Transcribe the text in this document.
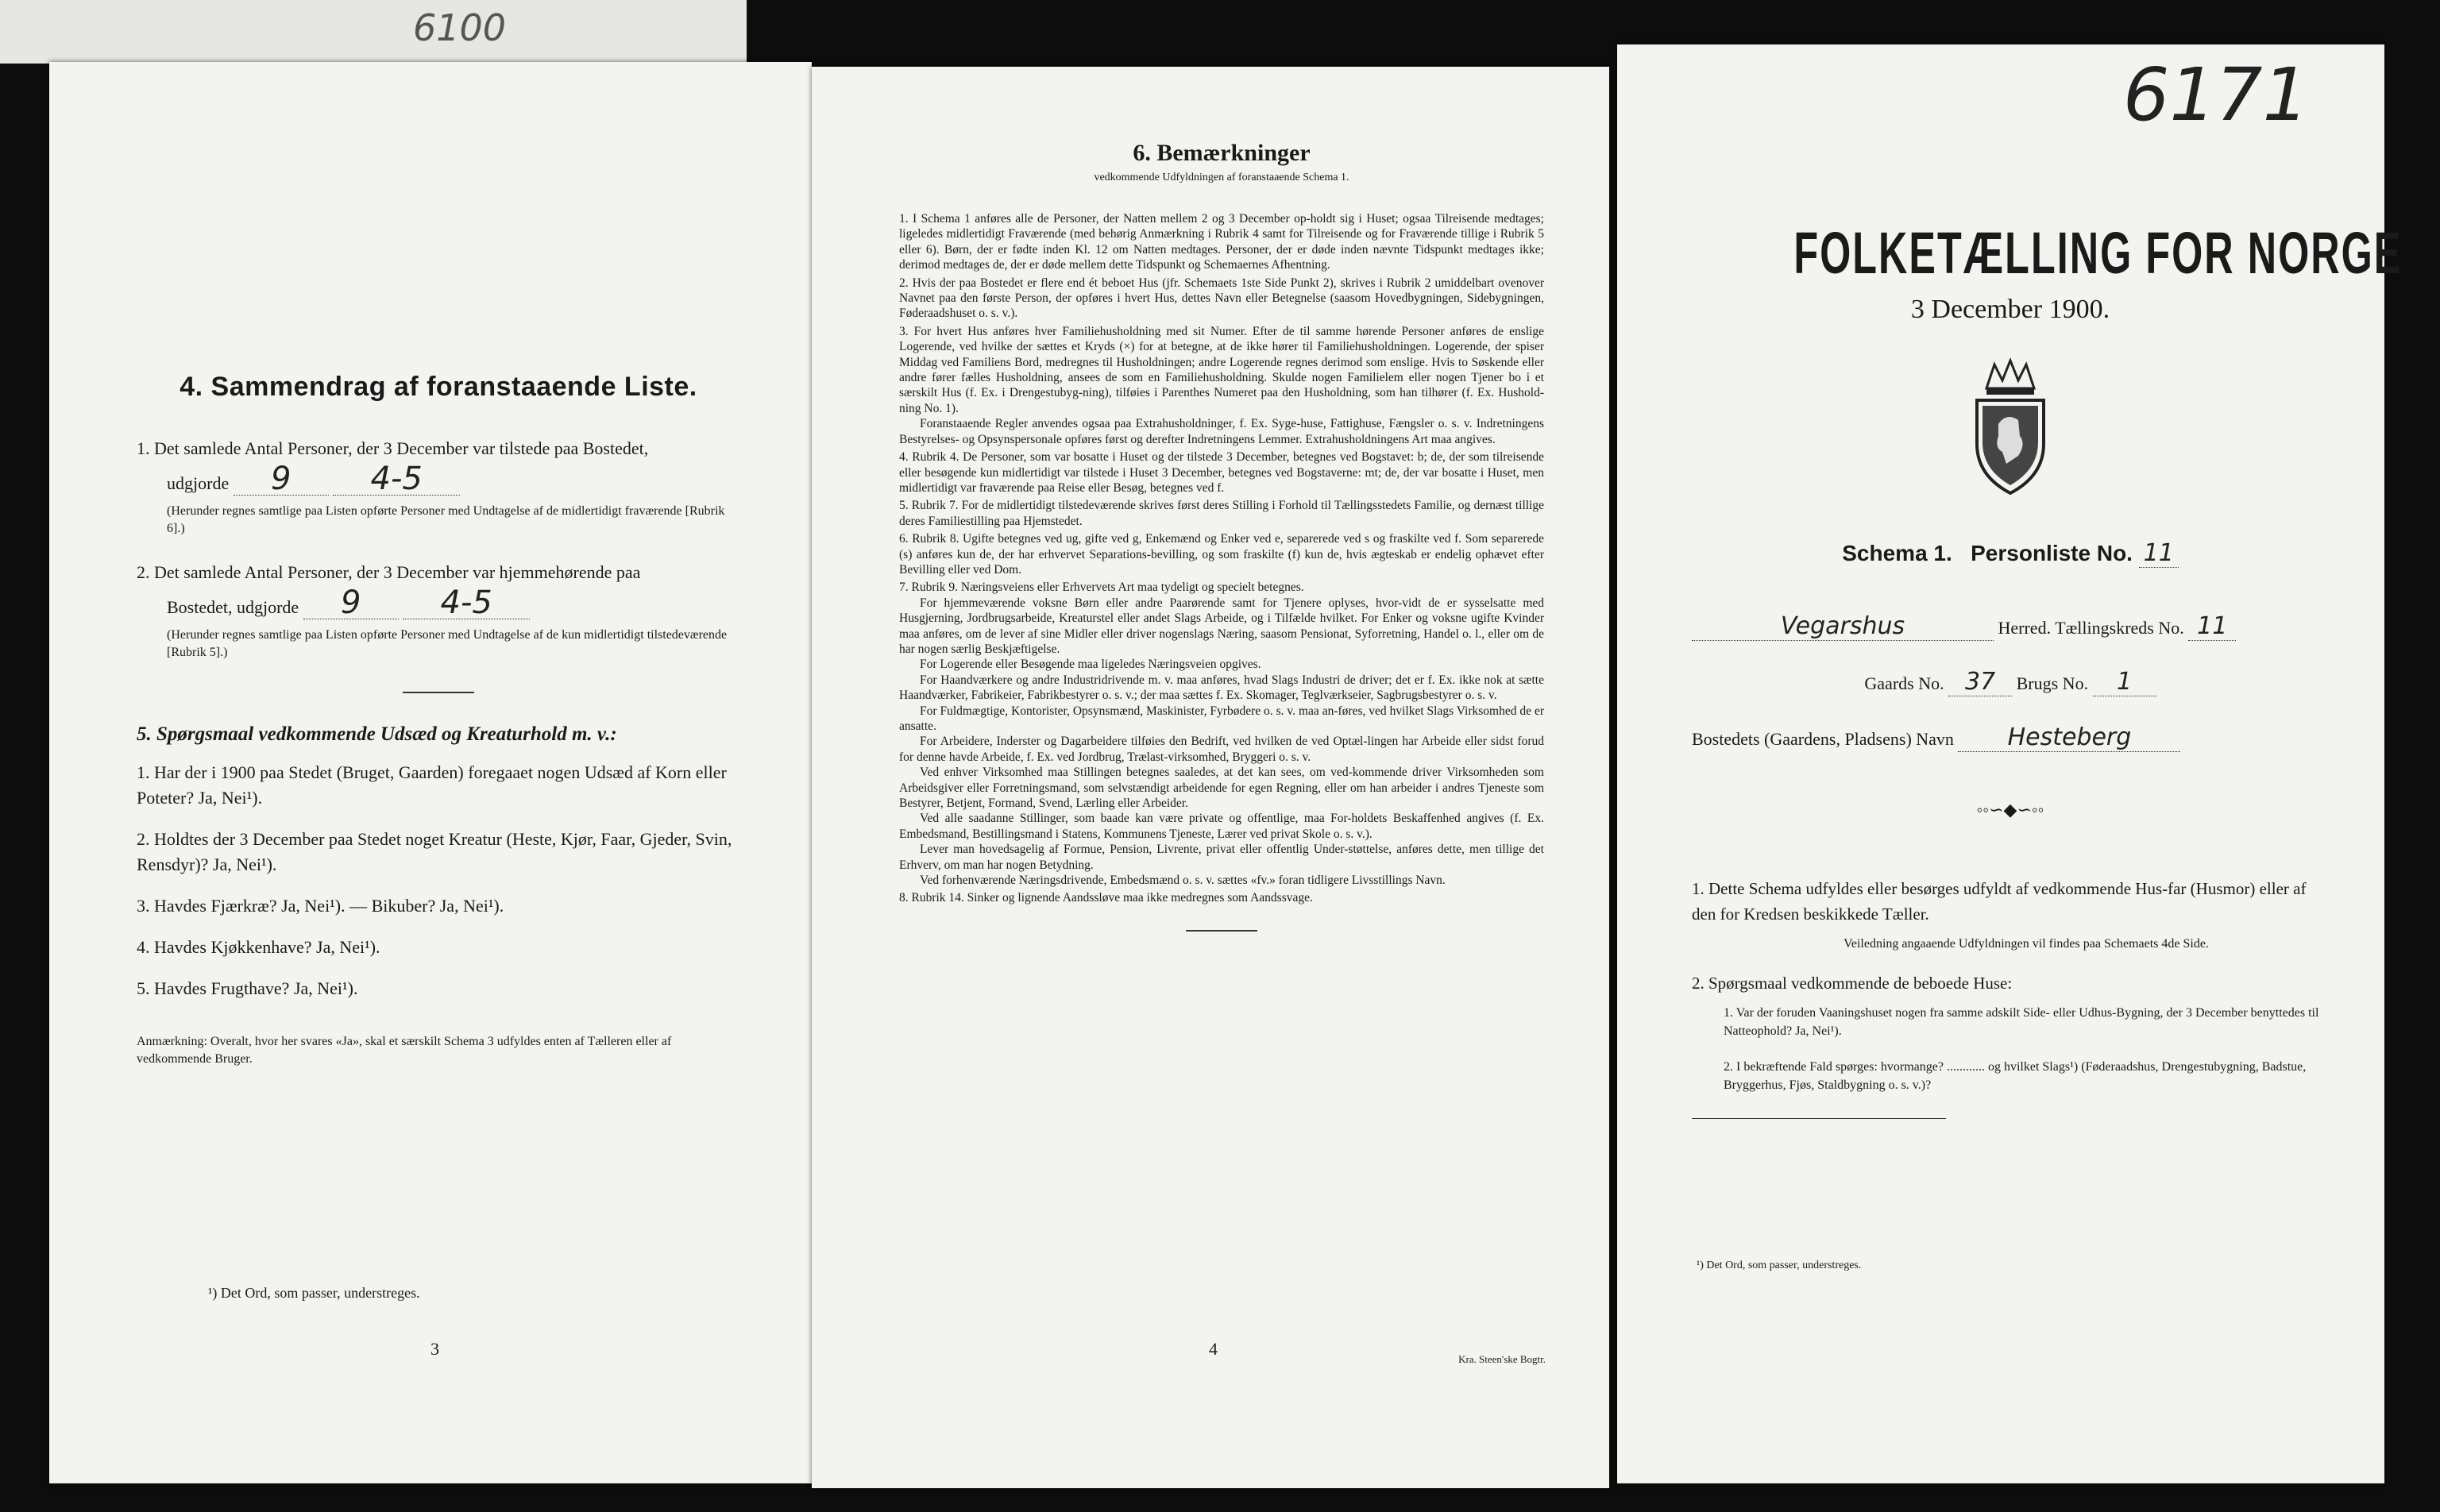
6100
4. Sammendrag af foranstaaende Liste.
1. Det samlede Antal Personer, der 3 December var tilstede paa Bostedet,
udgjorde 9	4-5
(Herunder regnes samtlige paa Listen opførte Personer med Undtagelse af de midlertidigt fraværende [Rubrik 6].)
2. Det samlede Antal Personer, der 3 December var hjemmehørende paa
Bostedet, udgjorde 9	4-5
(Herunder regnes samtlige paa Listen opførte Personer med Undtagelse af de kun midlertidigt tilstedeværende [Rubrik 5].)
5. Spørgsmaal vedkommende Udsæd og Kreaturhold m. v.:
1. Har der i 1900 paa Stedet (Bruget, Gaarden) foregaaet nogen Udsæd af Korn eller Poteter? Ja, Nei¹).
2. Holdtes der 3 December paa Stedet noget Kreatur (Heste, Kjør, Faar, Gjeder, Svin, Rensdyr)? Ja, Nei¹).
3. Havdes Fjærkræ? Ja, Nei¹). — Bikuber? Ja, Nei¹).
4. Havdes Kjøkkenhave? Ja, Nei¹).
5. Havdes Frugthave? Ja, Nei¹).
Anmærkning: Overalt, hvor her svares «Ja», skal et særskilt Schema 3 udfyldes enten af Tælleren eller af vedkommende Bruger.
¹) Det Ord, som passer, understreges.
3
6. Bemærkninger
vedkommende Udfyldningen af foranstaaende Schema 1.

1. I Schema 1 anføres alle de Personer, der Natten mellem 2 og 3 December op-holdt sig i Huset; ogsaa Tilreisende medtages; ligeledes midlertidigt Fraværende (med behørig Anmærkning i Rubrik 4 samt for Tilreisende og for Fraværende tillige i Rubrik 5 eller 6). Børn, der er fødte inden Kl. 12 om Natten medtages. Personer, der er døde inden nævnte Tidspunkt medtages ikke; derimod medtages de, der er døde mellem dette Tidspunkt og Schemaernes Afhentning.

2. Hvis der paa Bostedet er flere end ét beboet Hus (jfr. Schemaets 1ste Side Punkt 2), skrives i Rubrik 2 umiddelbart ovenover Navnet paa den første Person, der opføres i hvert Hus, dettes Navn eller Betegnelse (saasom Hovedbygningen, Sidebygningen, Føderaadshuset o. s. v.).

3. For hvert Hus anføres hver Familiehusholdning med sit Numer. Efter de til samme hørende Personer anføres de enslige Logerende, ved hvilke der sættes et Kryds (×) for at betegne, at de ikke hører til Familiehusholdningen. Logerende, der spiser Middag ved Familiens Bord, medregnes til Husholdningen; andre Logerende regnes derimod som enslige. Hvis to Søskende eller andre fører fælles Husholdning, ansees de som en Familiehusholdning. Skulde nogen Familielem eller nogen Tjener bo i et særskilt Hus (f. Ex. i Drengestubyg-ning), tilføies i Parenthes Numeret paa den Husholdning, som han tilhører (f. Ex. Hushold-ning No. 1).

Foranstaaende Regler anvendes ogsaa paa Extrahusholdninger, f. Ex. Syge-huse, Fattighuse, Fængsler o. s. v. Indretningens Bestyrelses- og Opsynspersonale opføres først og derefter Indretningens Lemmer. Extrahusholdningens Art maa angives.

4. Rubrik 4. De Personer, som var bosatte i Huset og der tilstede 3 December, betegnes ved Bogstavet: b; de, der som tilreisende eller besøgende kun midlertidigt var tilstede i Huset 3 December, betegnes ved Bogstaverne: mt; de, der var bosatte i Huset, men midlertidigt var fraværende paa Reise eller Besøg, betegnes ved f.

5. Rubrik 7. For de midlertidigt tilstedeværende skrives først deres Stilling i Forhold til Tællingsstedets Familie, og dernæst tillige deres Familiestilling paa Hjemstedet.

6. Rubrik 8. Ugifte betegnes ved ug, gifte ved g, Enkemænd og Enker ved e, separerede ved s og fraskilte ved f. Som separerede (s) anføres kun de, der har erhvervet Separations-bevilling, og som fraskilte (f) kun de, hvis ægteskab er endelig ophævet efter Bevilling eller ved Dom.

7. Rubrik 9. Næringsveiens eller Erhvervets Art maa tydeligt og specielt betegnes.

For hjemmeværende voksne Børn eller andre Paarørende samt for Tjenere oplyses, hvor-vidt de er sysselsatte med Husgjerning, Jordbrugsarbeide, Kreaturstel eller andet Slags Arbeide, og i Tilfælde hvilket. For Enker og voksne ugifte Kvinder maa anføres, om de lever af sine Midler eller driver nogenslags Næring, saasom Pensionat, Syforretning, Handel o. l., eller om de har nogen særlig Beskjæftigelse.

For Logerende eller Besøgende maa ligeledes Næringsveien opgives.

For Haandværkere og andre Industridrivende m. v. maa anføres, hvad Slags Industri de driver; det er f. Ex. ikke nok at sætte Haandværker, Fabrikeier, Fabrikbestyrer o. s. v.; der maa sættes f. Ex. Skomager, Teglværkseier, Sagbrugsbestyrer o. s. v.

For Fuldmægtige, Kontorister, Opsynsmænd, Maskinister, Fyrbødere o. s. v. maa an-føres, ved hvilket Slags Virksomhed de er ansatte.

For Arbeidere, Inderster og Dagarbeidere tilføies den Bedrift, ved hvilken de ved Optæl-lingen har Arbeide eller sidst forud for denne havde Arbeide, f. Ex. ved Jordbrug, Trælast-virksomhed, Bryggeri o. s. v.

Ved enhver Virksomhed maa Stillingen betegnes saaledes, at det kan sees, om ved-kommende driver Virksomheden som Arbeidsgiver eller Forretningsmand, som selvstændigt arbeidende for egen Regning, eller om han arbeider i andres Tjeneste som Bestyrer, Betjent, Formand, Svend, Lærling eller Arbeider.

Ved alle saadanne Stillinger, som baade kan være private og offentlige, maa For-holdets Beskaffenhed angives (f. Ex. Embedsmand, Bestillingsmand i Statens, Kommunens Tjeneste, Lærer ved privat Skole o. s. v.).

Lever man hovedsagelig af Formue, Pension, Livrente, privat eller offentlig Under-støttelse, anføres dette, men tillige det Erhverv, om man har nogen Betydning.

Ved forhenværende Næringsdrivende, Embedsmænd o. s. v. sættes «fv.» foran tidligere Livsstillings Navn.

8. Rubrik 14. Sinker og lignende Aandssløve maa ikke medregnes som Aandssvage.

4
Kra. Steen'ske Bogtr.
6171
FOLKETÆLLING FOR NORGE
3 December 1900.
Schema 1. Personliste No. 11
Vegarshus	Herred. Tællingskreds No. 11
Gaards No. 37 Brugs No. 1
Bostedets (Gaardens, Pladsens) Navn Hesteberg
◦◦∽◆∽◦◦
1. Dette Schema udfyldes eller besørges udfyldt af vedkommende Hus-far (Husmor) eller af den for Kredsen beskikkede Tæller.
Veiledning angaaende Udfyldningen vil findes paa Schemaets 4de Side.
2. Spørgsmaal vedkommende de beboede Huse:
1. Var der foruden Vaaningshuset nogen fra samme adskilt Side- eller Udhus-Bygning, der 3 December benyttedes til Natteophold? Ja, Nei¹).
2. I bekræftende Fald spørges: hvormange? ............ og hvilket Slags¹) (Føderaadshus, Drengestubygning, Badstue, Bryggerhus, Fjøs, Staldbygning o. s. v.)?
¹) Det Ord, som passer, understreges.
